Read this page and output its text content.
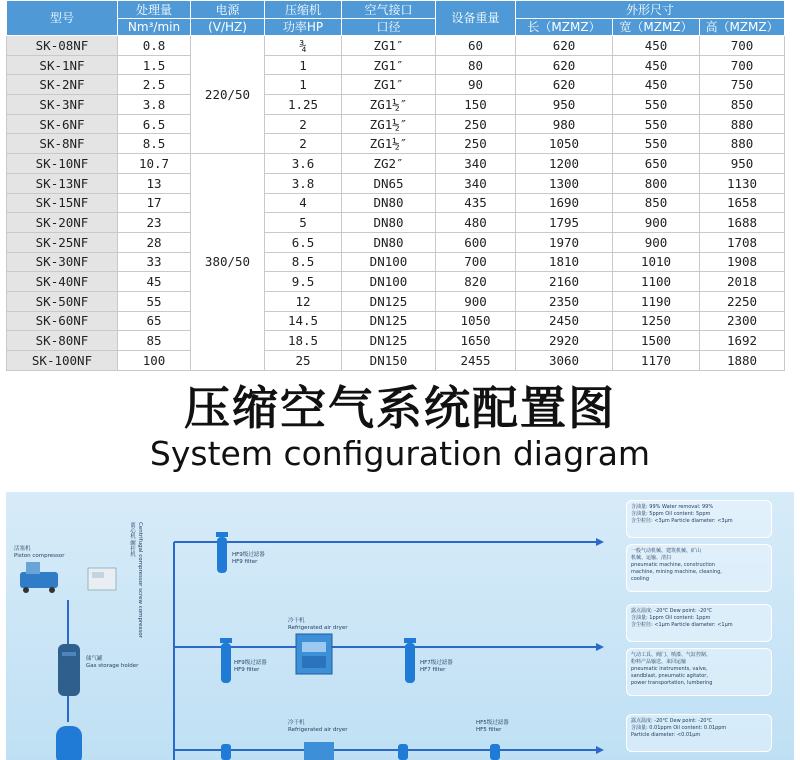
型号	处理量	电源	压缩机	空气接口	设备重量	外形尺寸		
	Nm³/min	(V/HZ)	功率HP	口径		长（MZMZ）	宽（MZMZ）	高（MZMZ）
SK-08NF	0.8	220/50	¾	ZG1″	60	620	450	700
SK-1NF	1.5		1	ZG1″	80	620	450	700
SK-2NF	2.5		1	ZG1″	90	620	450	750
SK-3NF	3.8		1.25	ZG1½″	150	950	550	850
SK-6NF	6.5		2	ZG1½″	250	980	550	880
SK-8NF	8.5		2	ZG1½″	250	1050	550	880
SK-10NF	10.7	380/50	3.6	ZG2″	340	1200	650	950
SK-13NF	13		3.8	DN65	340	1300	800	1130
SK-15NF	17		4	DN80	435	1690	850	1658
SK-20NF	23		5	DN80	480	1795	900	1688
SK-25NF	28		6.5	DN80	600	1970	900	1708
SK-30NF	33		8.5	DN100	700	1810	1010	1908
SK-40NF	45		9.5	DN100	820	2160	1100	2018
SK-50NF	55		12	DN125	900	2350	1190	2250
SK-60NF	65		14.5	DN125	1050	2450	1250	2300
SK-80NF	85		18.5	DN125	1650	2920	1500	1692
SK-100NF	100		25	DN150	2455	3060	1170	1880
压缩空气系统配置图
System configuration diagram
活塞机
Piston compressor	离心机 螺杆机 Centrifugal compressor screw compressor
储气罐
Gas storage holder
HF9级过滤器
HF9 filter
冷干机
Refrigerated air dryer
HF9级过滤器
HF9 filter
HF7级过滤器
HF7 filter
冷干机
Refrigerated air dryer
HF5级过滤器
HF5 filter
含油量: 99% Water removal: 99%
含油量: 5ppm Oil content: 5ppm
含尘粒径: <3μm Particle diameter: <3μm
一般气动机械、建筑机械、矿山
机械、运输、清扫
pneumatic machine, construction
machine, mining machine, cleaning,
cooling
露点温度: -20℃ Dew point: -20℃
含油量: 1ppm Oil content: 1ppm
含尘粒径: <1μm Particle diameter: <1μm
气动工具、阀门、喷漆、气缸控制、
粉料产品输送、来回运输
pneumatic instruments, valve,
sandblast, pneumatic agitator,
power transportation, lumbering
露点温度: -20℃ Dew point: -20℃
含油量: 0.01ppm Oil content: 0.01ppm
Particle diameter: <0.01μm
